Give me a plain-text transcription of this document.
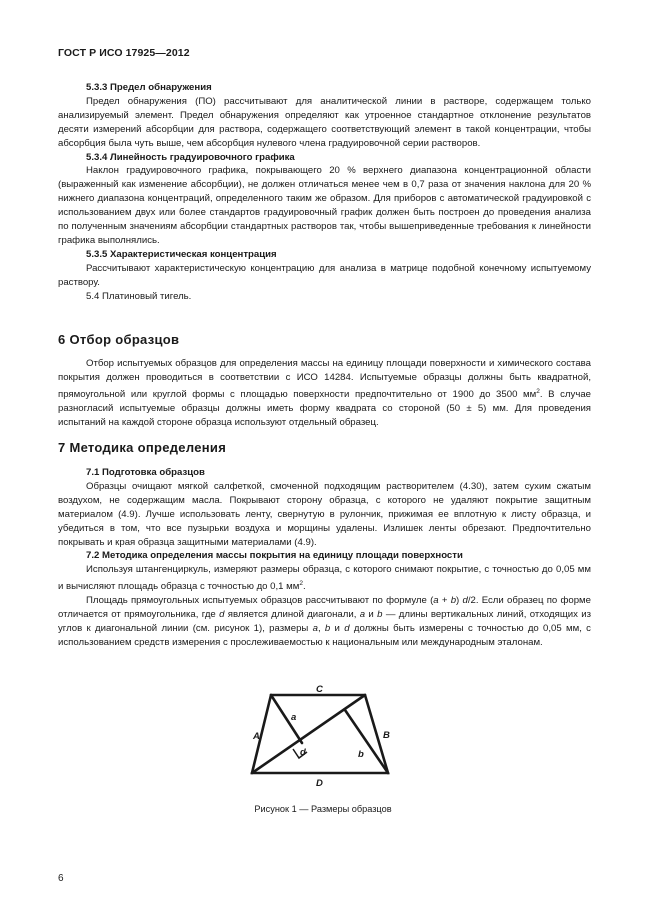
ГОСТ Р ИСО 17925—2012

5.3.3 Предел обнаружения

Предел обнаружения (ПО) рассчитывают для аналитической линии в растворе, содержащем только анализируемый элемент. Предел обнаружения определяют как утроенное стандартное отклонение результатов десяти измерений абсорбции для раствора, содержащего соответствующий элемент в такой концентрации, чтобы абсорбция была чуть выше, чем абсорбция нулевого члена градуировочной серии растворов.

5.3.4 Линейность градуировочного графика

Наклон градуировочного графика, покрывающего 20 % верхнего диапазона концентрационной области (выраженный как изменение абсорбции), не должен отличаться менее чем в 0,7 раза от значения наклона для 20 % нижнего диапазона концентраций, определенного таким же образом. Для приборов с автоматической градуировкой с использованием двух или более стандартов градуировочный график должен быть построен до проведения анализа по полученным значениям абсорбции стандартных растворов так, чтобы вышеприведенные требования к линейности графика выполнялись.

5.3.5 Характеристическая концентрация

Рассчитывают характеристическую концентрацию для анализа в матрице подобной конечному испытуемому раствору.

5.4 Платиновый тигель.

6 Отбор образцов

Отбор испытуемых образцов для определения массы на единицу площади поверхности и химического состава покрытия должен проводиться в соответствии с ИСО 14284. Испытуемые образцы должны быть квадратной, прямоугольной или круглой формы с площадью поверхности предпочтительно от 1900 до 3500 $мм^2$. В случае разногласий испытуемые образцы должны иметь форму квадрата со стороной (50 ± 5) мм. Для проведения испытаний на каждой стороне образца используют отдельный образец.

7 Методика определения

7.1 Подготовка образцов

Образцы очищают мягкой салфеткой, смоченной подходящим растворителем (4.30), затем сухим сжатым воздухом, не содержащим масла. Покрывают сторону образца, с которого не удаляют покрытие защитным материалом (4.9). Лучше использовать ленту, свернутую в рулончик, прижимая ее вплотную к листу образца, и убедиться в том, что все пузырьки воздуха и морщины удалены. Излишек ленты обрезают. Предпочтительно покрывать и края образца защитными материалами (4.9).

7.2 Методика определения массы покрытия на единицу площади поверхности

Используя штангенциркуль, измеряют размеры образца, с которого снимают покрытие, с точностью до 0,05 мм и вычисляют площадь образца с точностью до 0,1 $мм^2$.

Площадь прямоугольных испытуемых образцов рассчитывают по формуле (a + b) d/2. Если образец по форме отличается от прямоугольника, где d является длиной диагонали, a и b — длины вертикальных линий, отходящих из углов к диагональной линии (см. рисунок 1), размеры a, b и d должны быть измерены с точностью до 0,05 мм, с использованием средств измерения с прослеживаемостью к национальным или международным эталонам.

C
A	B
D
a
b
d
Рисунок 1 — Размеры образцов
6
